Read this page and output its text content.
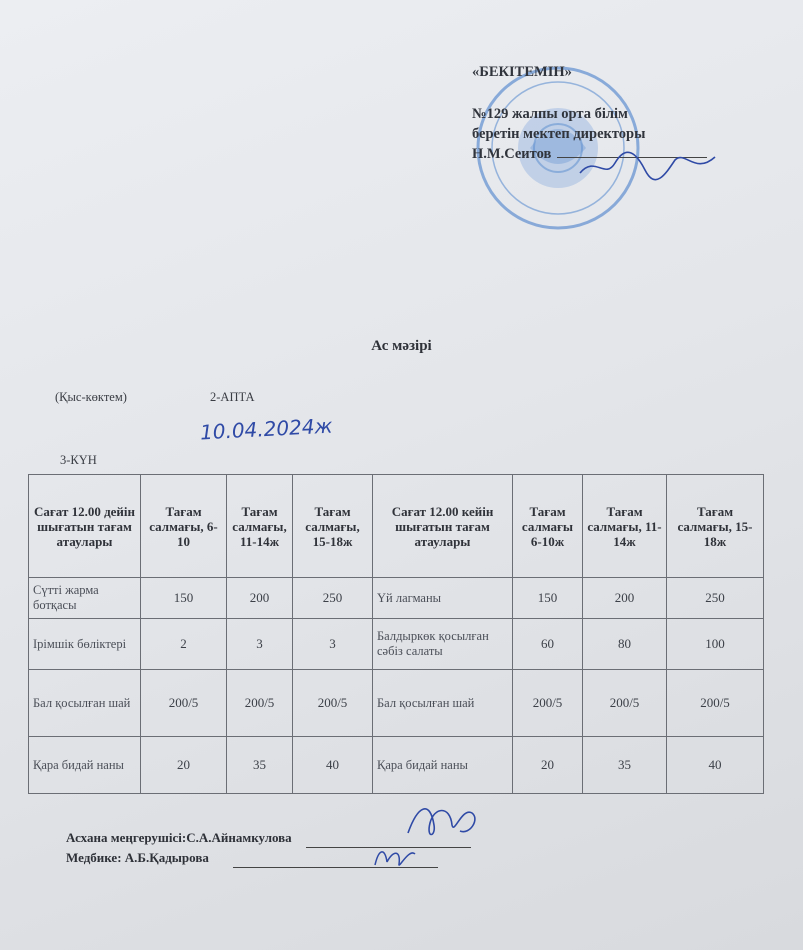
«БЕКІТЕМІН»
№129 жалпы орта білім
беретін мектеп директоры
Н.М.Сеитов
Ас мәзірі
(Қыс-көктем)	2-АПТА
10.04.2024ж
3-КҮН
Сағат 12.00 дейін шығатын тағам атаулары	Тағам салмағы, 6-10	Тағам салмағы, 11-14ж	Тағам салмағы, 15-18ж	Сағат 12.00 кейін шығатын тағам атаулары	Тағам салмағы 6-10ж	Тағам салмағы, 11-14ж	Тағам салмағы, 15-18ж
Сүтті жарма ботқасы	150	200	250	Үй лагманы	150	200	250
Ірімшік бөліктері	2	3	3	Балдыркөк қосылған сәбіз салаты	60	80	100
Бал қосылған шай	200/5	200/5	200/5	Бал қосылған шай	200/5	200/5	200/5
Қара бидай наны	20	35	40	Қара бидай наны	20	35	40
Асхана меңгерушісі:С.А.Айнамкулова
Медбике: А.Б.Қадырова
